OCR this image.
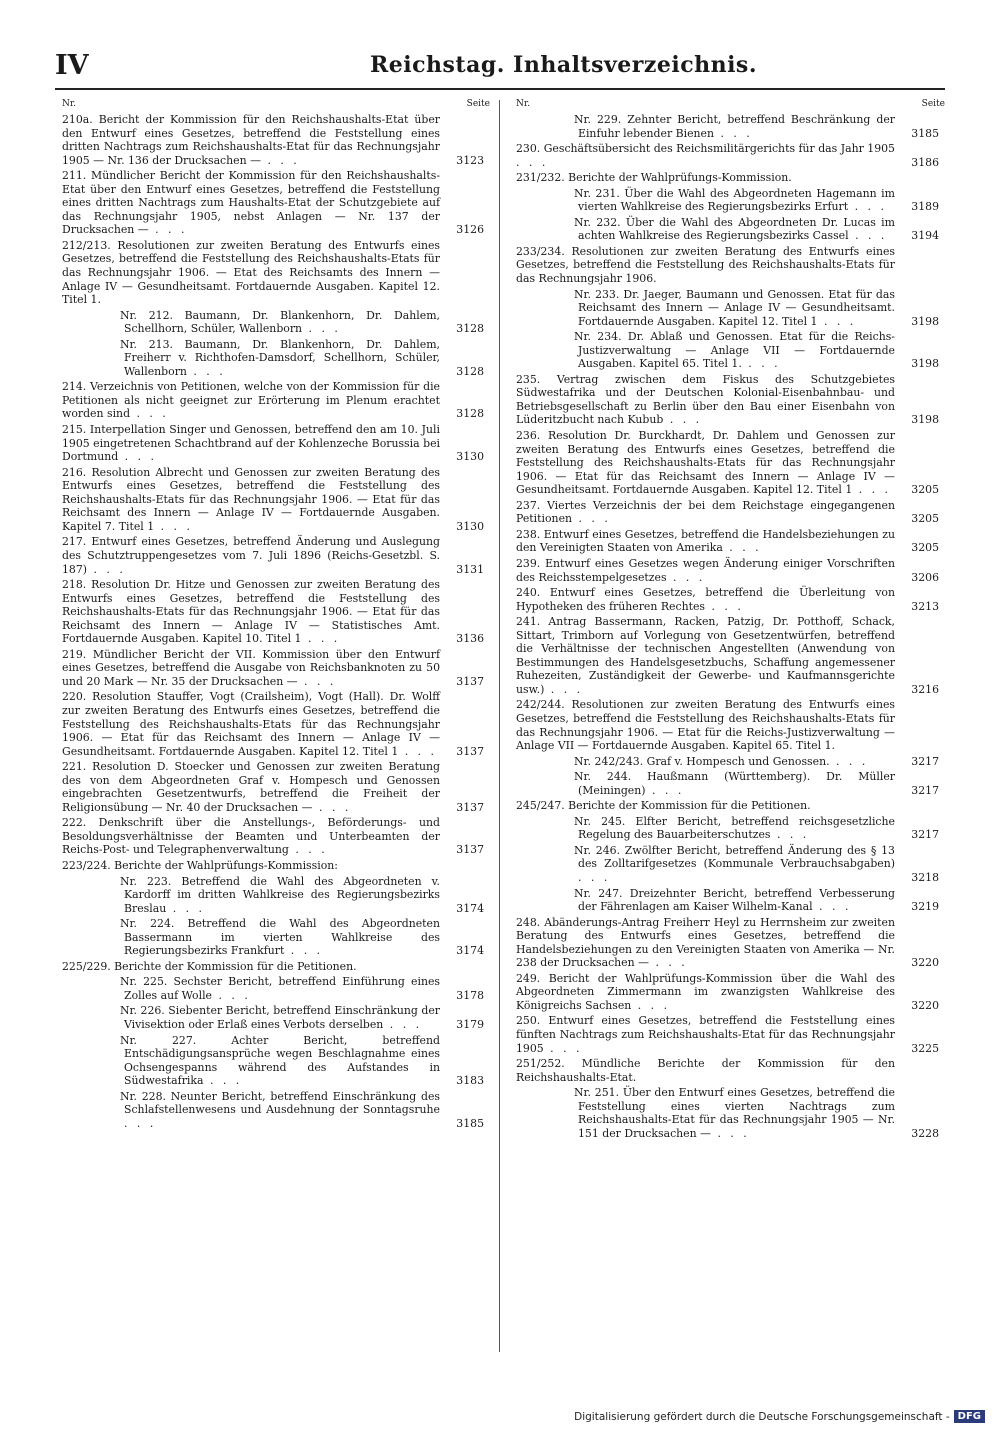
IV	Reichstag. Inhaltsverzeichnis.
Nr.	Seite
210a. Bericht der Kommission für den Reichshaushalts-Etat über den Entwurf eines Gesetzes, betreffend die Feststellung eines dritten Nachtrags zum Reichshaushalts-Etat für das Rechnungsjahr 1905 — Nr. 136 der Drucksachen — . . .	3123
211. Mündlicher Bericht der Kommission für den Reichshaushalts-Etat über den Entwurf eines Gesetzes, betreffend die Feststellung eines dritten Nachtrags zum Haushalts-Etat der Schutzgebiete auf das Rechnungsjahr 1905, nebst Anlagen — Nr. 137 der Drucksachen — . . .	3126
212/213. Resolutionen zur zweiten Beratung des Entwurfs eines Gesetzes, betreffend die Feststellung des Reichshaushalts-Etats für das Rechnungsjahr 1906. — Etat des Reichsamts des Innern — Anlage IV — Gesundheitsamt. Fortdauernde Ausgaben. Kapitel 12. Titel 1.
Nr. 212. Baumann, Dr. Blankenhorn, Dr. Dahlem, Schellhorn, Schüler, Wallenborn . . .	3128
Nr. 213. Baumann, Dr. Blankenhorn, Dr. Dahlem, Freiherr v. Richthofen-Damsdorf, Schellhorn, Schüler, Wallenborn . . .	3128
214. Verzeichnis von Petitionen, welche von der Kommission für die Petitionen als nicht geeignet zur Erörterung im Plenum erachtet worden sind . . .	3128
215. Interpellation Singer und Genossen, betreffend den am 10. Juli 1905 eingetretenen Schachtbrand auf der Kohlenzeche Borussia bei Dortmund . . .	3130
216. Resolution Albrecht und Genossen zur zweiten Beratung des Entwurfs eines Gesetzes, betreffend die Feststellung des Reichshaushalts-Etats für das Rechnungsjahr 1906. — Etat für das Reichsamt des Innern — Anlage IV — Fortdauernde Ausgaben. Kapitel 7. Titel 1 . . .	3130
217. Entwurf eines Gesetzes, betreffend Änderung und Auslegung des Schutztruppengesetzes vom 7. Juli 1896 (Reichs-Gesetzbl. S. 187) . . .	3131
218. Resolution Dr. Hitze und Genossen zur zweiten Beratung des Entwurfs eines Gesetzes, betreffend die Feststellung des Reichshaushalts-Etats für das Rechnungsjahr 1906. — Etat für das Reichsamt des Innern — Anlage IV — Statistisches Amt. Fortdauernde Ausgaben. Kapitel 10. Titel 1 . . .	3136
219. Mündlicher Bericht der VII. Kommission über den Entwurf eines Gesetzes, betreffend die Ausgabe von Reichsbanknoten zu 50 und 20 Mark — Nr. 35 der Drucksachen — . . .	3137
220. Resolution Stauffer, Vogt (Crailsheim), Vogt (Hall). Dr. Wolff zur zweiten Beratung des Entwurfs eines Gesetzes, betreffend die Feststellung des Reichshaushalts-Etats für das Rechnungsjahr 1906. — Etat für das Reichsamt des Innern — Anlage IV — Gesundheitsamt. Fortdauernde Ausgaben. Kapitel 12. Titel 1 . . . 3137
221. Resolution D. Stoecker und Genossen zur zweiten Beratung des von dem Abgeordneten Graf v. Hompesch und Genossen eingebrachten Gesetzentwurfs, betreffend die Freiheit der Religionsübung — Nr. 40 der Drucksachen — . . .	3137
222. Denkschrift über die Anstellungs-, Beförderungs- und Besoldungsverhältnisse der Beamten und Unterbeamten der Reichs-Post- und Telegraphenverwaltung . . .	3137
223/224. Berichte der Wahlprüfungs-Kommission:
Nr. 223. Betreffend die Wahl des Abgeordneten v. Kardorff im dritten Wahlkreise des Regierungsbezirks Breslau . . .	3174
Nr. 224. Betreffend die Wahl des Abgeordneten Bassermann im vierten Wahlkreise des Regierungsbezirks Frankfurt . . .	3174
225/229. Berichte der Kommission für die Petitionen.
Nr. 225. Sechster Bericht, betreffend Einführung eines Zolles auf Wolle . . .	3178
Nr. 226. Siebenter Bericht, betreffend Einschränkung der Vivisektion oder Erlaß eines Verbots derselben . . .	3179
Nr. 227. Achter Bericht, betreffend Entschädigungsansprüche wegen Beschlagnahme eines Ochsengespanns während des Aufstandes in Südwestafrika . . .	3183
Nr. 228. Neunter Bericht, betreffend Einschränkung des Schlafstellenwesens und Ausdehnung der Sonntagsruhe . . .	3185
Nr.	Seite
Nr. 229. Zehnter Bericht, betreffend Beschränkung der Einfuhr lebender Bienen . . .	3185
230. Geschäftsübersicht des Reichsmilitärgerichts für das Jahr 1905 . . .	3186
231/232. Berichte der Wahlprüfungs-Kommission.
Nr. 231. Über die Wahl des Abgeordneten Hagemann im vierten Wahlkreise des Regierungsbezirks Erfurt . . . 3189
Nr. 232. Über die Wahl des Abgeordneten Dr. Lucas im achten Wahlkreise des Regierungsbezirks Cassel . . . 3194
233/234. Resolutionen zur zweiten Beratung des Entwurfs eines Gesetzes, betreffend die Feststellung des Reichshaushalts-Etats für das Rechnungsjahr 1906.
Nr. 233. Dr. Jaeger, Baumann und Genossen. Etat für das Reichsamt des Innern — Anlage IV — Gesundheitsamt. Fortdauernde Ausgaben. Kapitel 12. Titel 1 . . .	3198
Nr. 234. Dr. Ablaß und Genossen. Etat für die Reichs-Justizverwaltung — Anlage VII — Fortdauernde Ausgaben. Kapitel 65. Titel 1. . . .	3198
235. Vertrag zwischen dem Fiskus des Schutzgebietes Südwestafrika und der Deutschen Kolonial-Eisenbahnbau- und Betriebsgesellschaft zu Berlin über den Bau einer Eisenbahn von Lüderitzbucht nach Kubub . . .	3198
236. Resolution Dr. Burckhardt, Dr. Dahlem und Genossen zur zweiten Beratung des Entwurfs eines Gesetzes, betreffend die Feststellung des Reichshaushalts-Etats für das Rechnungsjahr 1906. — Etat für das Reichsamt des Innern — Anlage IV — Gesundheitsamt. Fortdauernde Ausgaben. Kapitel 12. Titel 1 . . . 3205
237. Viertes Verzeichnis der bei dem Reichstage eingegangenen Petitionen . . .	3205
238. Entwurf eines Gesetzes, betreffend die Handelsbeziehungen zu den Vereinigten Staaten von Amerika . . .	3205
239. Entwurf eines Gesetzes wegen Änderung einiger Vorschriften des Reichsstempelgesetzes . . .	3206
240. Entwurf eines Gesetzes, betreffend die Überleitung von Hypotheken des früheren Rechtes . . .	3213
241. Antrag Bassermann, Racken, Patzig, Dr. Potthoff, Schack, Sittart, Trimborn auf Vorlegung von Gesetzentwürfen, betreffend die Verhältnisse der technischen Angestellten (Anwendung von Bestimmungen des Handelsgesetzbuchs, Schaffung angemessener Ruhezeiten, Zuständigkeit der Gewerbe- und Kaufmannsgerichte usw.) . . .	3216
242/244. Resolutionen zur zweiten Beratung des Entwurfs eines Gesetzes, betreffend die Feststellung des Reichshaushalts-Etats für das Rechnungsjahr 1906. — Etat für die Reichs-Justizverwaltung — Anlage VII — Fortdauernde Ausgaben. Kapitel 65. Titel 1.
Nr. 242/243. Graf v. Hompesch und Genossen. . . .	3217
Nr. 244. Haußmann (Württemberg). Dr. Müller (Meiningen) . . .	3217
245/247. Berichte der Kommission für die Petitionen.
Nr. 245. Elfter Bericht, betreffend reichsgesetzliche Regelung des Bauarbeiterschutzes . . .	3217
Nr. 246. Zwölfter Bericht, betreffend Änderung des § 13 des Zolltarifgesetzes (Kommunale Verbrauchsabgaben) . . .	3218
Nr. 247. Dreizehnter Bericht, betreffend Verbesserung der Fährenlagen am Kaiser Wilhelm-Kanal . . .	3219
248. Abänderungs-Antrag Freiherr Heyl zu Herrnsheim zur zweiten Beratung des Entwurfs eines Gesetzes, betreffend die Handelsbeziehungen zu den Vereinigten Staaten von Amerika — Nr. 238 der Drucksachen — . . .	3220
249. Bericht der Wahlprüfungs-Kommission über die Wahl des Abgeordneten Zimmermann im zwanzigsten Wahlkreise des Königreichs Sachsen . . .	3220
250. Entwurf eines Gesetzes, betreffend die Feststellung eines fünften Nachtrags zum Reichshaushalts-Etat für das Rechnungsjahr 1905 . . .	3225
251/252. Mündliche Berichte der Kommission für den Reichshaushalts-Etat.
Nr. 251. Über den Entwurf eines Gesetzes, betreffend die Feststellung eines vierten Nachtrags zum Reichshaushalts-Etat für das Rechnungsjahr 1905 — Nr. 151 der Drucksachen — . . .	3228
Digitalisierung gefördert durch die Deutsche Forschungsgemeinschaft - DFG
